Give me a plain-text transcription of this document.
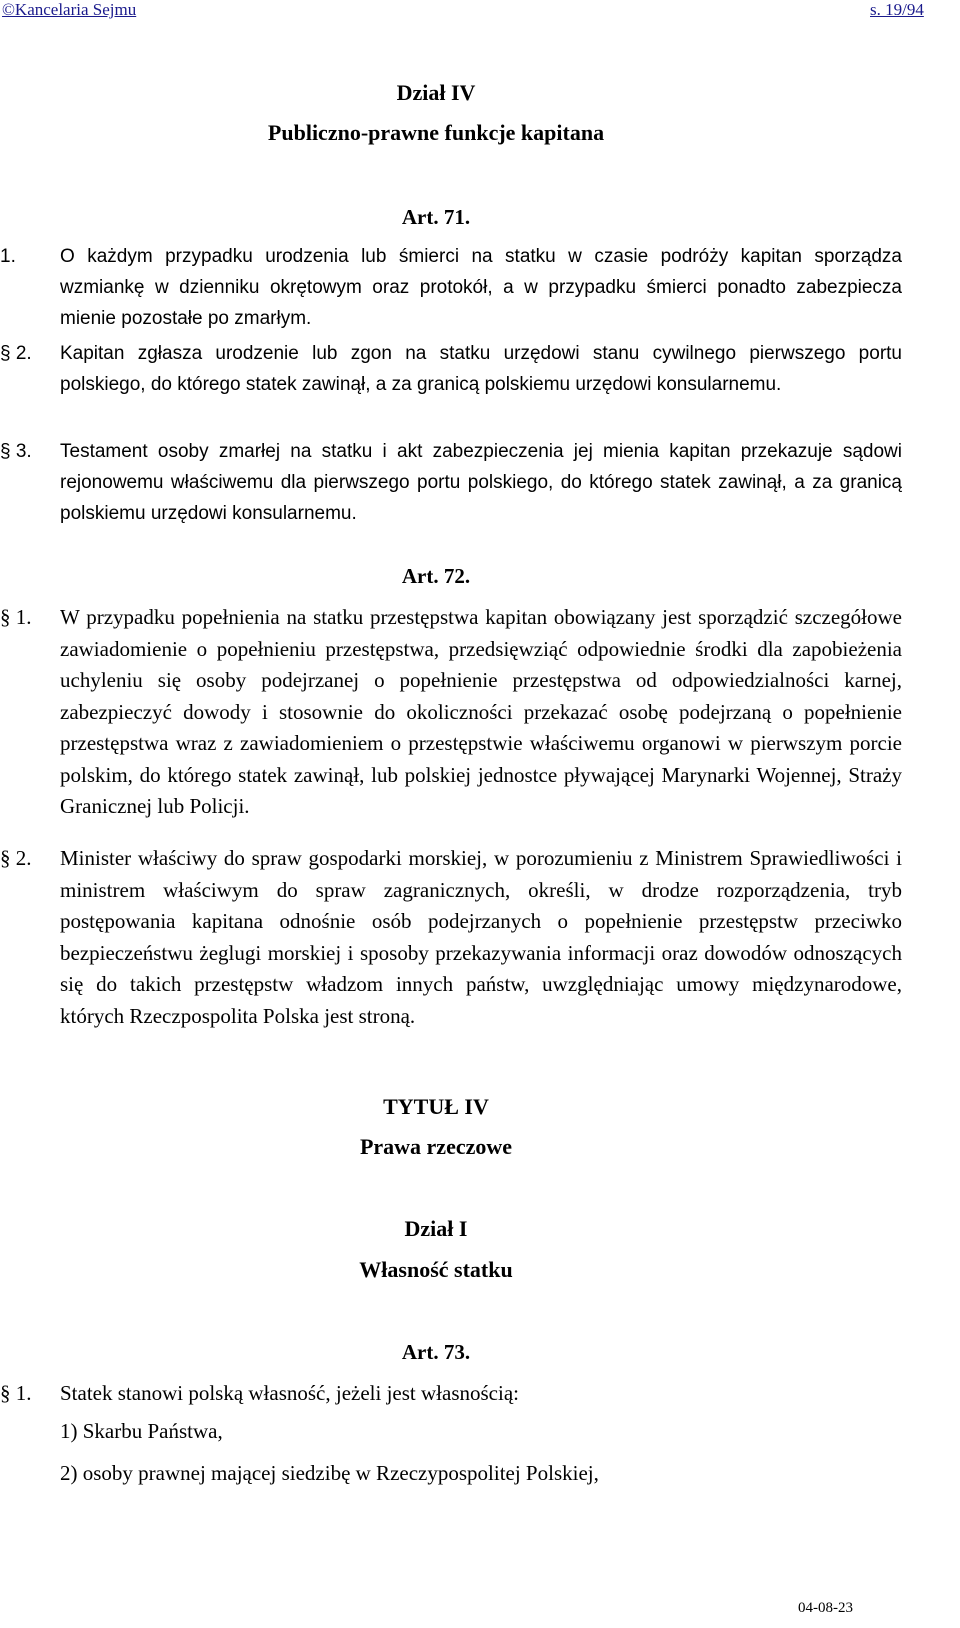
©Kancelaria Sejmu	s. 19/94
Dział IV
Publiczno-prawne funkcje kapitana
Art. 71.
1.	O każdym przypadku urodzenia lub śmierci na statku w czasie podróży kapitan sporządza wzmiankę w dzienniku okrętowym oraz protokół, a w przypadku śmierci ponadto zabezpiecza mienie pozostałe po zmarłym.
§ 2.	Kapitan zgłasza urodzenie lub zgon na statku urzędowi stanu cywilnego pierwszego portu polskiego, do którego statek zawinął, a za granicą polskiemu urzędowi konsularnemu.
§ 3.	Testament osoby zmarłej na statku i akt zabezpieczenia jej mienia kapitan przekazuje sądowi rejonowemu właściwemu dla pierwszego portu polskiego, do którego statek zawinął, a za granicą polskiemu urzędowi konsularnemu.
Art. 72.
§ 1.	W przypadku popełnienia na statku przestępstwa kapitan obowiązany jest sporządzić szczegółowe zawiadomienie o popełnieniu przestępstwa, przedsięwziąć odpowiednie środki dla zapobieżenia uchyleniu się osoby podejrzanej o popełnienie przestępstwa od odpowiedzialności karnej, zabezpieczyć dowody i stosownie do okoliczności przekazać osobę podejrzaną o popełnienie przestępstwa wraz z zawiadomieniem o przestępstwie właściwemu organowi w pierwszym porcie polskim, do którego statek zawinął, lub polskiej jednostce pływającej Marynarki Wojennej, Straży Granicznej lub Policji.
§ 2.	Minister właściwy do spraw gospodarki morskiej, w porozumieniu z Ministrem Sprawiedliwości i ministrem właściwym do spraw zagranicznych, określi, w drodze rozporządzenia, tryb postępowania kapitana odnośnie osób podejrzanych o popełnienie przestępstw przeciwko bezpieczeństwu żeglugi morskiej i sposoby przekazywania informacji oraz dowodów odnoszących się do takich przestępstw władzom innych państw, uwzględniając umowy międzynarodowe, których Rzeczpospolita Polska jest stroną.
TYTUŁ IV
Prawa rzeczowe
Dział I
Własność statku
Art. 73.
§ 1.	Statek stanowi polską własność, jeżeli jest własnością:
1) Skarbu Państwa,
2) osoby prawnej mającej siedzibę w Rzeczypospolitej Polskiej,
04-08-23
